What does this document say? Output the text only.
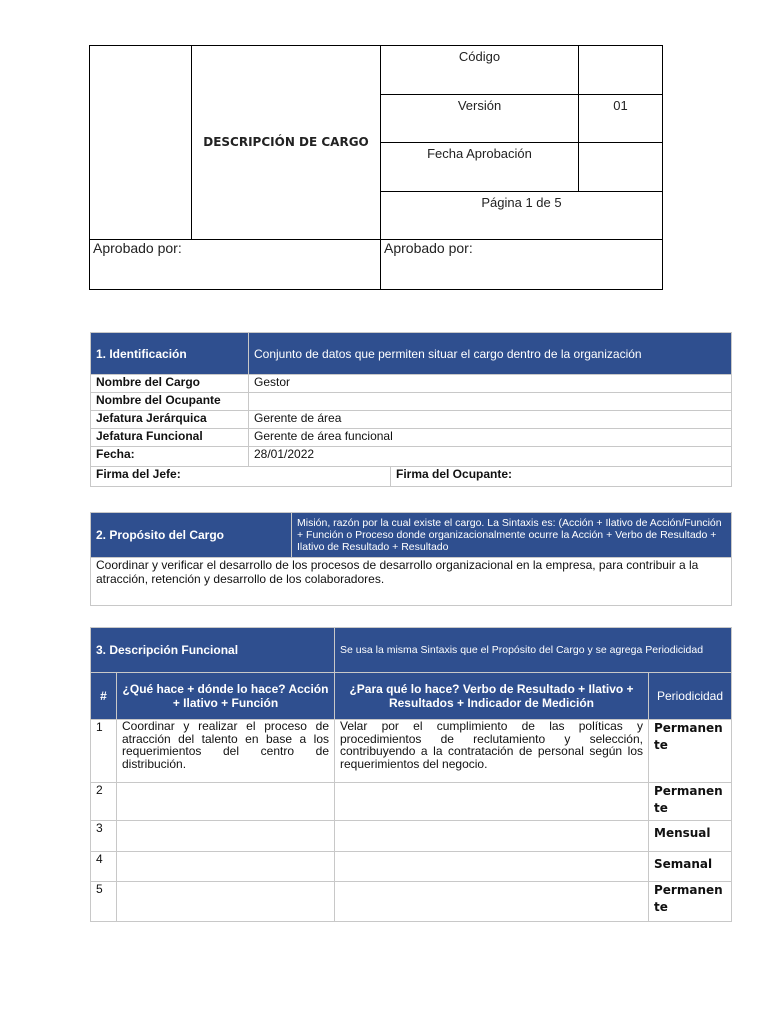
	DESCRIPCIÓN DE CARGO	Código	
		Versión	01
		Fecha Aprobación	
		Página 1 de 5	
Aprobado por:		Aprobado por:	
1. Identificación	Conjunto de datos que permiten situar el cargo dentro de la organización	
Nombre del Cargo	Gestor	
Nombre del Ocupante		
Jefatura Jerárquica	Gerente de área	
Jefatura Funcional	Gerente de área funcional	
Fecha:	28/01/2022	
Firma del Jefe:		Firma del Ocupante:
2. Propósito del Cargo	Misión, razón por la cual existe el cargo. La Sintaxis es: (Acción + Ilativo de Acción/Función + Función o Proceso donde organizacionalmente ocurre la Acción + Verbo de Resultado + Ilativo de Resultado + Resultado
Coordinar y verificar el desarrollo de los procesos de desarrollo organizacional en la empresa, para contribuir a la atracción, retención y desarrollo de los colaboradores.
3. Descripción Funcional		Se usa la misma Sintaxis que el Propósito del Cargo y se agrega Periodicidad	
#	¿Qué hace + dónde lo hace? Acción + Ilativo + Función	¿Para qué lo hace? Verbo de Resultado + Ilativo + Resultados + Indicador de Medición	Periodicidad
1	Coordinar y realizar el proceso de atracción del talento en base a los requerimientos del centro de distribución.	Velar por el cumplimiento de las políticas y procedimientos de reclutamiento y selección, contribuyendo a la contratación de personal según los requerimientos del negocio.	Permanente
2			Permanente
3			Mensual
4			Semanal
5			Permanente
